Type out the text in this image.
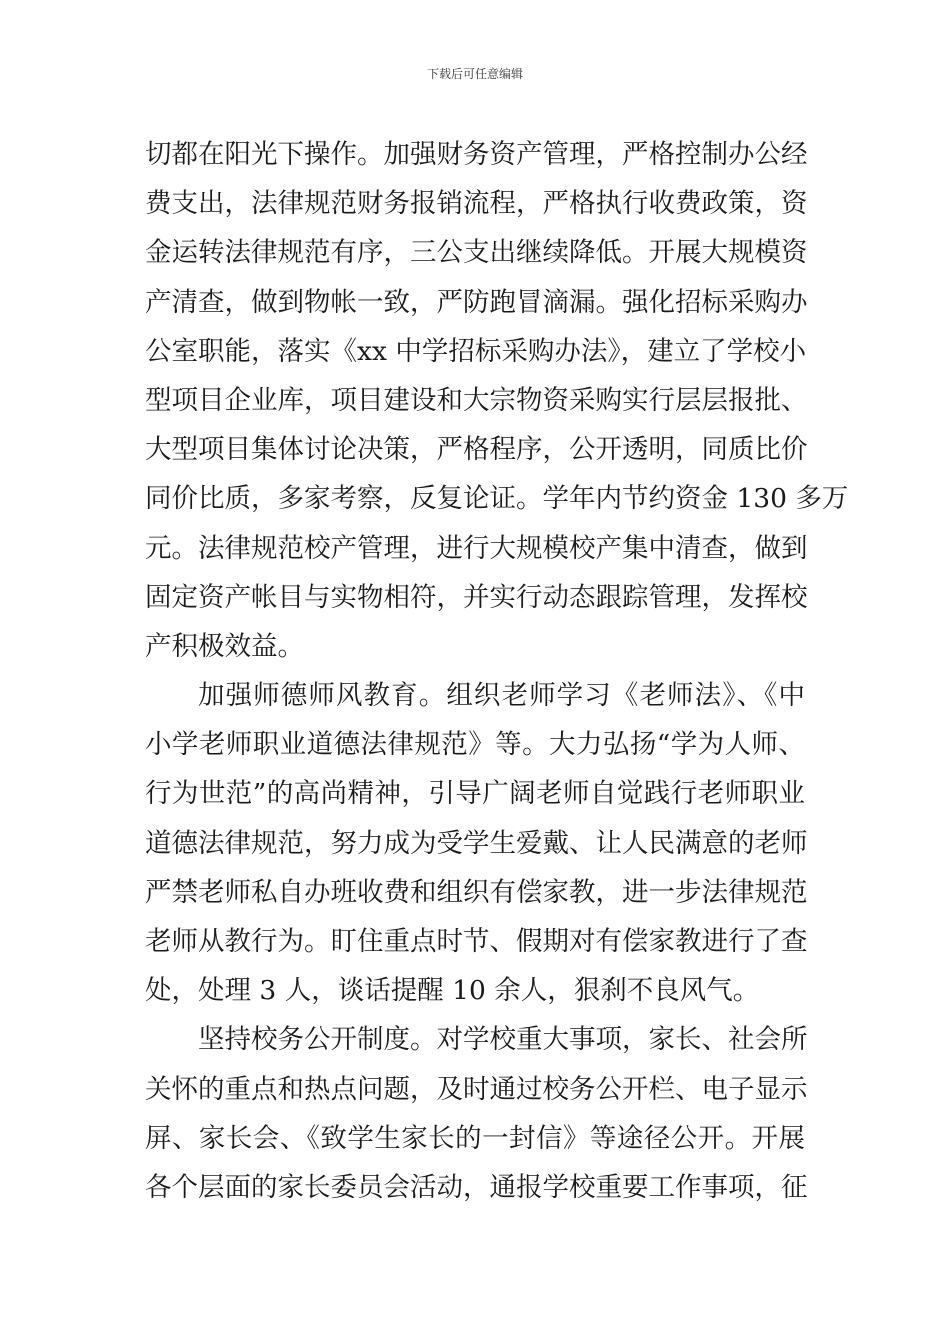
下载后可任意编辑
切都在阳光下操作。加强财务资产管理，严格控制办公经
费支出，法律规范财务报销流程，严格执行收费政策，资
金运转法律规范有序，三公支出继续降低。开展大规模资
产清查，做到物帐一致，严防跑冒滴漏。强化招标采购办
公室职能，落实《xx 中学招标采购办法》，建立了学校小
型项目企业库，项目建设和大宗物资采购实行层层报批、
大型项目集体讨论决策，严格程序，公开透明，同质比价
同价比质，多家考察，反复论证。学年内节约资金 130 多万
元。法律规范校产管理，进行大规模校产集中清查，做到
固定资产帐目与实物相符，并实行动态跟踪管理，发挥校
产积极效益。
加强师德师风教育。组织老师学习《老师法》、《中
小学老师职业道德法律规范》等。大力弘扬“学为人师、
行为世范”的高尚精神，引导广阔老师自觉践行老师职业
道德法律规范，努力成为受学生爱戴、让人民满意的老师
严禁老师私自办班收费和组织有偿家教，进一步法律规范
老师从教行为。盯住重点时节、假期对有偿家教进行了查
处，处理 3 人，谈话提醒 10 余人，狠刹不良风气。
坚持校务公开制度。对学校重大事项，家长、社会所
关怀的重点和热点问题，及时通过校务公开栏、电子显示
屏、家长会、《致学生家长的一封信》等途径公开。开展
各个层面的家长委员会活动，通报学校重要工作事项，征
